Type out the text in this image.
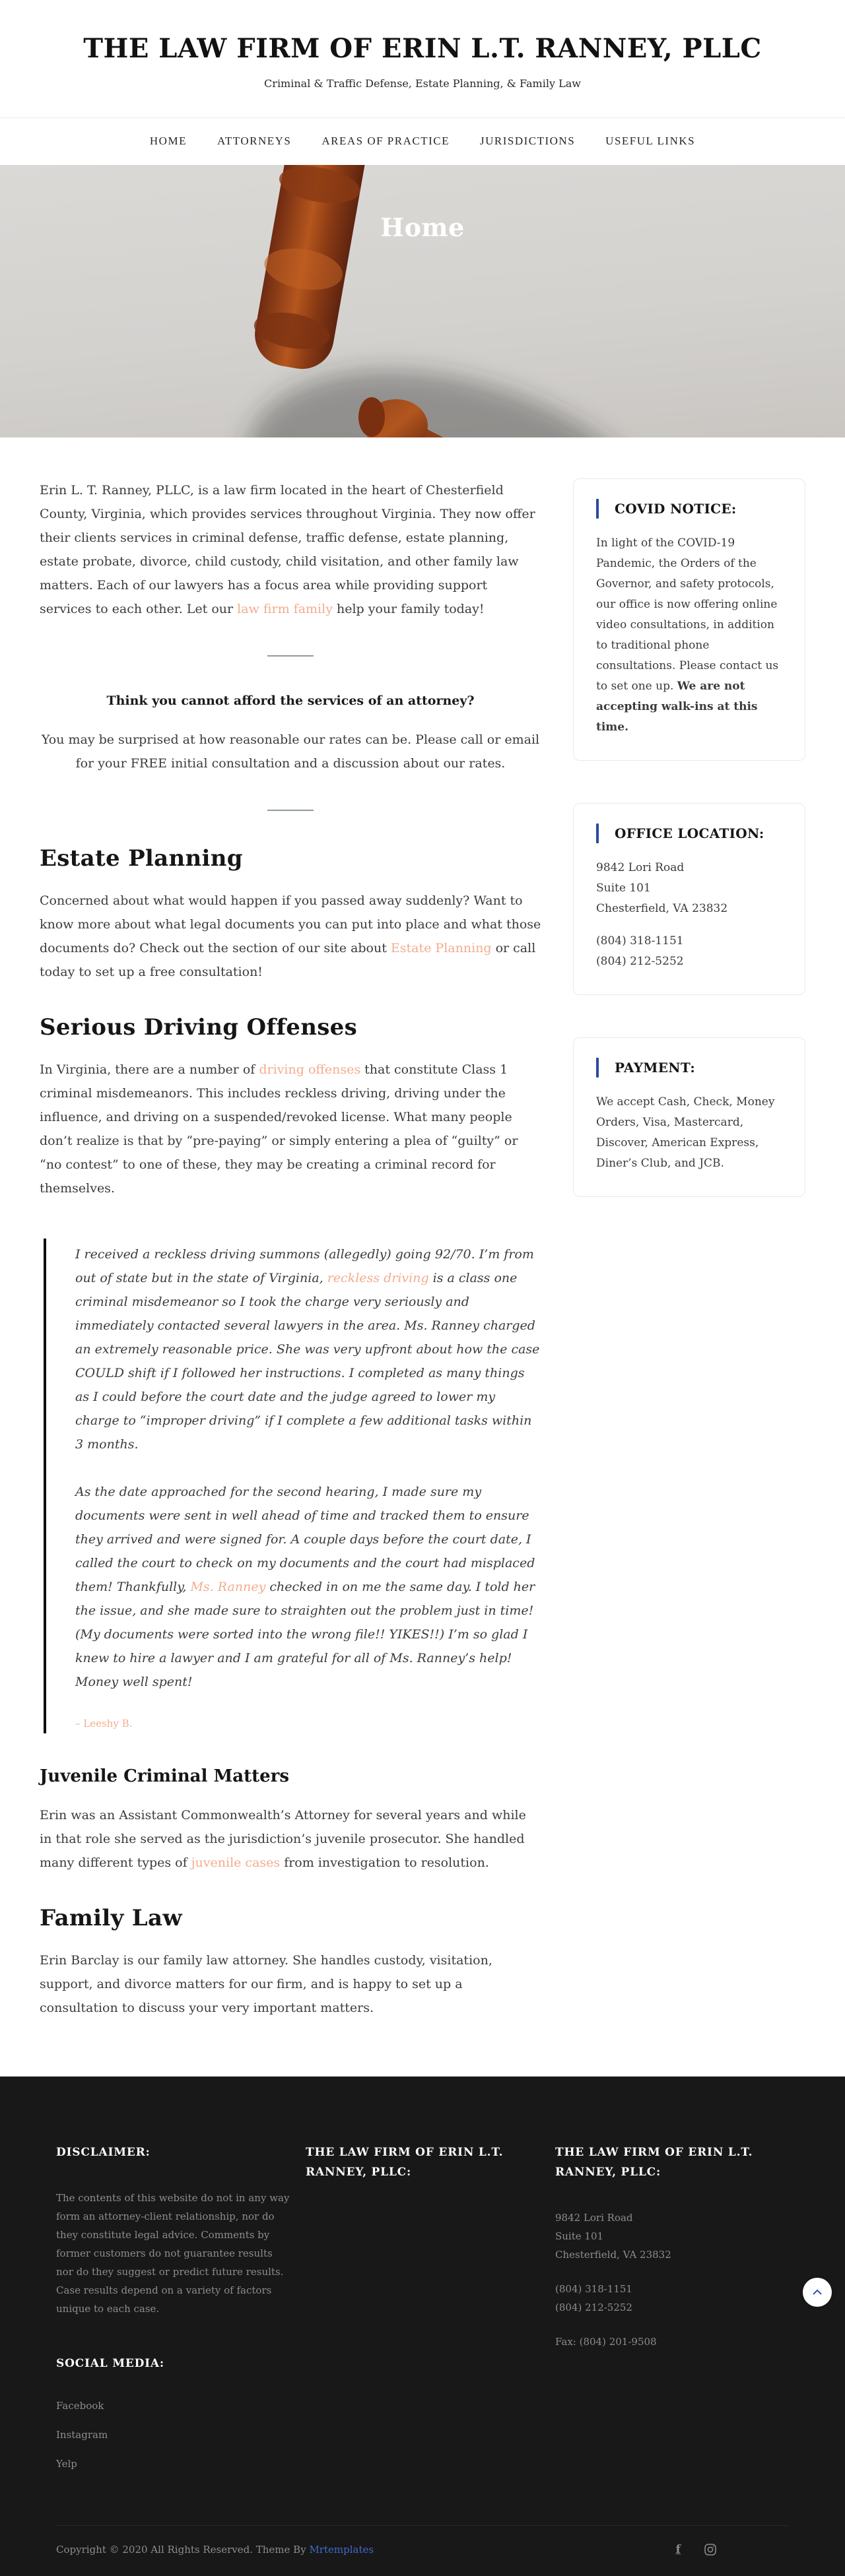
THE LAW FIRM OF ERIN L.T. RANNEY, PLLC
Criminal & Traffic Defense, Estate Planning, & Family Law
HOME	ATTORNEYS	AREAS OF PRACTICE	JURISDICTIONS	USEFUL LINKS
Home

Erin L. T. Ranney, PLLC, is a law firm located in the heart of Chesterfield County, Virginia, which provides services throughout Virginia. They now offer their clients services in criminal defense, traffic defense, estate planning, estate probate, divorce, child custody, child visitation, and other family law matters. Each of our lawyers has a focus area while providing support services to each other. Let our law firm family help your family today!

Think you cannot afford the services of an attorney?

You may be surprised at how reasonable our rates can be. Please call or email for your FREE initial consultation and a discussion about our rates.

Estate Planning

Concerned about what would happen if you passed away suddenly? Want to know more about what legal documents you can put into place and what those documents do? Check out the section of our site about Estate Planning or call today to set up a free consultation!

Serious Driving Offenses

In Virginia, there are a number of driving offenses that constitute Class 1 criminal misdemeanors. This includes reckless driving, driving under the influence, and driving on a suspended/revoked license. What many people don’t realize is that by “pre-paying” or simply entering a plea of “guilty” or “no contest” to one of these, they may be creating a criminal record for themselves.

I received a reckless driving summons (allegedly) going 92/70. I’m from out of state but in the state of Virginia, reckless driving is a class one criminal misdemeanor so I took the charge very seriously and immediately contacted several lawyers in the area. Ms. Ranney charged an extremely reasonable price. She was very upfront about how the case COULD shift if I followed her instructions. I completed as many things as I could before the court date and the judge agreed to lower my charge to “improper driving” if I complete a few additional tasks within 3 months.

As the date approached for the second hearing, I made sure my documents were sent in well ahead of time and tracked them to ensure they arrived and were signed for. A couple days before the court date, I called the court to check on my documents and the court had misplaced them! Thankfully, Ms. Ranney checked in on me the same day. I told her the issue, and she made sure to straighten out the problem just in time! (My documents were sorted into the wrong file!! YIKES!!) I’m so glad I knew to hire a lawyer and I am grateful for all of Ms. Ranney’s help! Money well spent!

– Leeshy B.
Juvenile Criminal Matters

Erin was an Assistant Commonwealth’s Attorney for several years and while in that role she served as the jurisdiction’s juvenile prosecutor. She handled many different types of juvenile cases from investigation to resolution.

Family Law

Erin Barclay is our family law attorney. She handles custody, visitation, support, and divorce matters for our firm, and is happy to set up a consultation to discuss your very important matters.

COVID NOTICE:

In light of the COVID-19 Pandemic, the Orders of the Governor, and safety protocols, our office is now offering online video consultations, in addition to traditional phone consultations. Please contact us to set one up. We are not accepting walk-ins at this time.

OFFICE LOCATION:

9842 Lori Road
Suite 101
Chesterfield, VA 23832

(804) 318-1151
(804) 212-5252

PAYMENT:

We accept Cash, Check, Money Orders, Visa, Mastercard, Discover, American Express, Diner’s Club, and JCB.

DISCLAIMER:

The contents of this website do not in any way form an attorney-client relationship, nor do they constitute legal advice. Comments by former customers do not guarantee results nor do they suggest or predict future results. Case results depend on a variety of factors unique to each case.

SOCIAL MEDIA:
Facebook
Instagram
Yelp
THE LAW FIRM OF ERIN L.T. RANNEY, PLLC:
THE LAW FIRM OF ERIN L.T. RANNEY, PLLC:

9842 Lori Road
Suite 101
Chesterfield, VA 23832

(804) 318-1151
(804) 212-5252

Fax: (804) 201-9508

Copyright © 2020 All Rights Reserved. Theme By Mrtemplates	f
